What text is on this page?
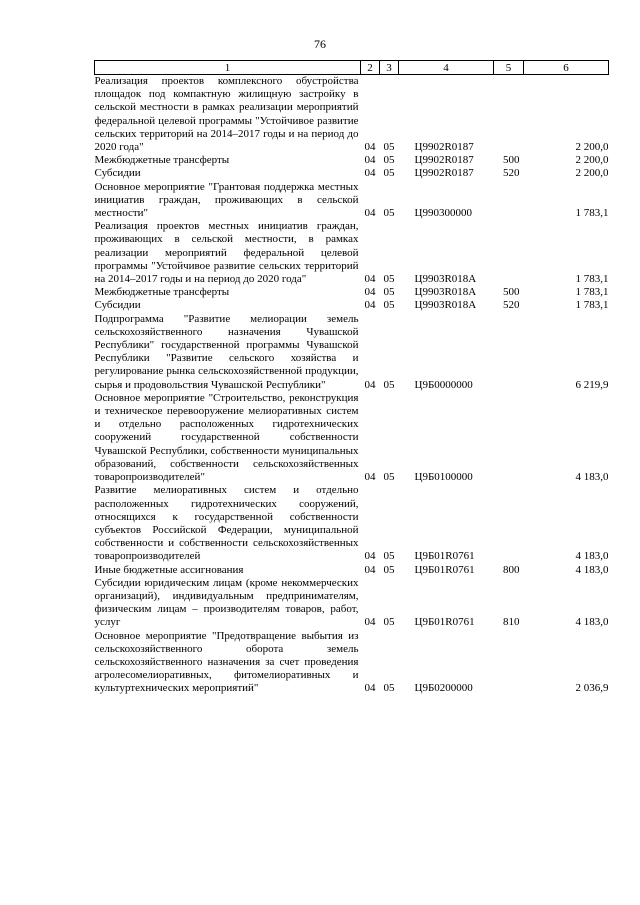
76
1	2	3	4	5	6
Реализация проектов комплексного обустройства площадок под компактную жилищную застройку в сельской местности в рамках реализации мероприятий федеральной целевой программы "Устойчивое развитие сельских территорий на 2014–2017 годы и на период до 2020 года"	04	05	Ц9902R0187		2 200,0
Межбюджетные трансферты	04	05	Ц9902R0187	500	2 200,0
Субсидии	04	05	Ц9902R0187	520	2 200,0
Основное мероприятие "Грантовая поддержка местных инициатив граждан, проживающих в сельской местности"	04	05	Ц990300000		1 783,1
Реализация проектов местных инициатив граждан, проживающих в сельской местности, в рамках реализации мероприятий федеральной целевой программы "Устойчивое развитие сельских территорий на 2014–2017 годы и на период до 2020 года"	04	05	Ц9903R018A		1 783,1
Межбюджетные трансферты	04	05	Ц9903R018A	500	1 783,1
Субсидии	04	05	Ц9903R018A	520	1 783,1
Подпрограмма "Развитие мелиорации земель сельскохозяйственного назначения Чувашской Республики" государственной программы Чувашской Республики "Развитие сельского хозяйства и регулирование рынка сельскохозяйственной продукции, сырья и продовольствия Чувашской Республики"	04	05	Ц9Б0000000		6 219,9
Основное мероприятие "Строительство, реконструкция и техническое перевооружение мелиоративных систем и отдельно расположенных гидротехнических сооружений государственной собственности Чувашской Республики, собственности муниципальных образований, собственности сельскохозяйственных товаропроизводителей"	04	05	Ц9Б0100000		4 183,0
Развитие мелиоративных систем и отдельно расположенных гидротехнических сооружений, относящихся к государственной собственности субъектов Российской Федерации, муниципальной собственности и собственности сельскохозяйственных товаропроизводителей	04	05	Ц9Б01R0761		4 183,0
Иные бюджетные ассигнования	04	05	Ц9Б01R0761	800	4 183,0
Субсидии юридическим лицам (кроме некоммерческих организаций), индивидуальным предпринимателям, физическим лицам – производителям товаров, работ, услуг	04	05	Ц9Б01R0761	810	4 183,0
Основное мероприятие "Предотвращение выбытия из сельскохозяйственного оборота земель сельскохозяйственного назначения за счет проведения агролесомелиоративных, фитомелиоративных и культуртехнических мероприятий"	04	05	Ц9Б0200000		2 036,9
